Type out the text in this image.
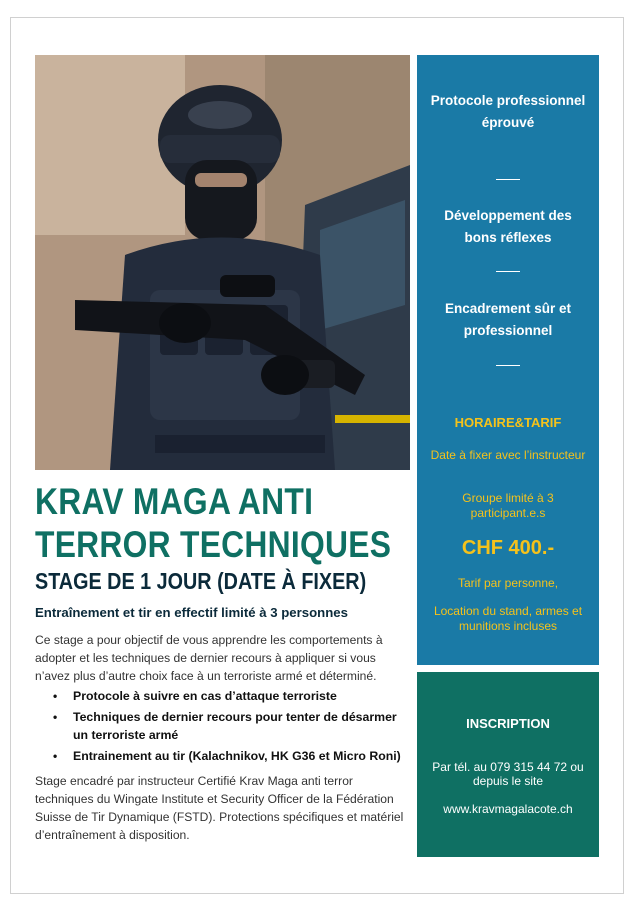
Protocole professionnel éprouvé
Développement des bons réflexes
Encadrement sûr et professionnel
HORAIRE&TARIF
Date à fixer avec l’instructeur
Groupe limité à 3 participant.e.s
CHF 400.-
Tarif par personne,
Location du stand, armes et munitions incluses
INSCRIPTION
Par tél. au 079 315 44 72 ou depuis le site
www.kravmagalacote.ch
KRAV MAGA ANTI
TERROR TECHNIQUES
STAGE DE 1 JOUR (DATE À FIXER)
Entraînement et tir en effectif limité à 3 personnes

Ce stage a pour objectif de vous apprendre les comportements à adopter et les techniques de dernier recours à appliquer si vous n’avez plus d’autre choix face à un terroriste armé et déterminé.

• Protocole à suivre en cas d’attaque terroriste
• Techniques de dernier recours pour tenter de désarmer un terroriste armé
• Entrainement au tir (Kalachnikov, HK G36 et Micro Roni)

Stage encadré par instructeur Certifié Krav Maga anti terror techniques du Wingate Institute et Security Officer de la Fédération Suisse de Tir Dynamique (FSTD). Protections spécifiques et matériel d’entraînement à disposition.
